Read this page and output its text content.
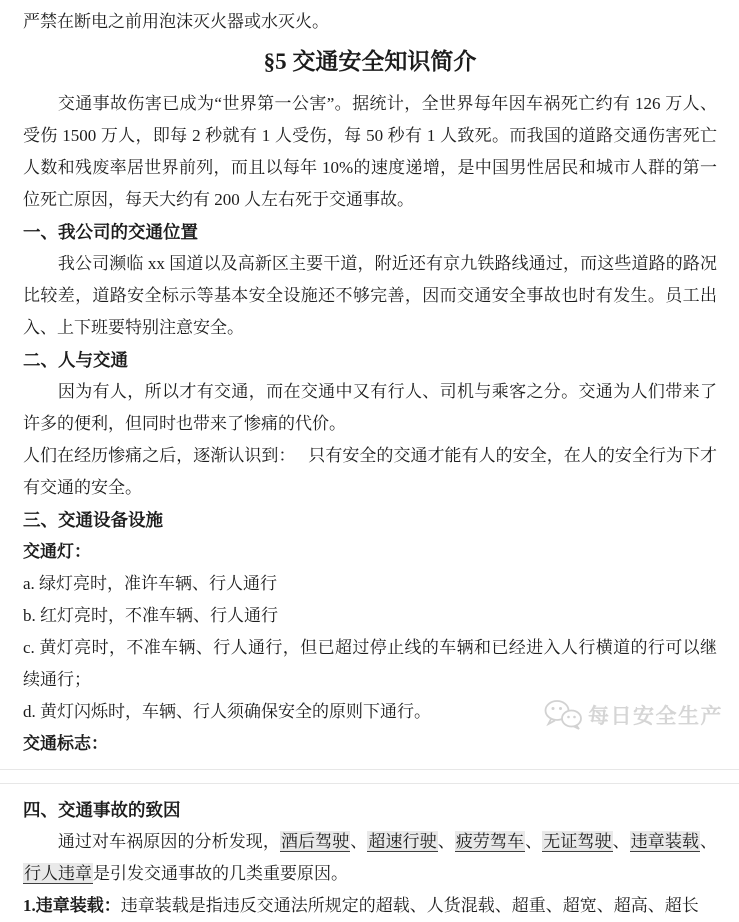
严禁在断电之前用泡沫灭火器或水灭火。

§5 交通安全知识简介

交通事故伤害已成为“世界第一公害”。据统计，全世界每年因车祸死亡约有 126 万人、受伤 1500 万人，即每 2 秒就有 1 人受伤，每 50 秒有 1 人致死。而我国的道路交通伤害死亡人数和残废率居世界前列，而且以每年 10%的速度递增，是中国男性居民和城市人群的第一位死亡原因，每天大约有 200 人左右死于交通事故。

一、我公司的交通位置

我公司濒临 xx 国道以及高新区主要干道，附近还有京九铁路线通过，而这些道路的路况比较差，道路安全标示等基本安全设施还不够完善，因而交通安全事故也时有发生。员工出入、上下班要特别注意安全。

二、人与交通

因为有人，所以才有交通，而在交通中又有行人、司机与乘客之分。交通为人们带来了许多的便利，但同时也带来了惨痛的代价。

人们在经历惨痛之后，逐渐认识到：　 只有安全的交通才能有人的安全，在人的安全行为下才有交通的安全。

三、交通设备设施

交通灯：

a. 绿灯亮时，准许车辆、行人通行

b. 红灯亮时，不准车辆、行人通行

c. 黄灯亮时，不准车辆、行人通行，但已超过停止线的车辆和已经进入人行横道的行可以继续通行；

d. 黄灯闪烁时，车辆、行人须确保安全的原则下通行。

交通标志：

四、交通事故的致因

通过对车祸原因的分析发现，酒后驾驶、超速行驶、疲劳驾车、无证驾驶、违章装载、行人违章是引发交通事故的几类重要原因。

1.违章装载：违章装载是指违反交通法所规定的超载、人货混载、超重、超宽、超高、超长

每日安全生产
